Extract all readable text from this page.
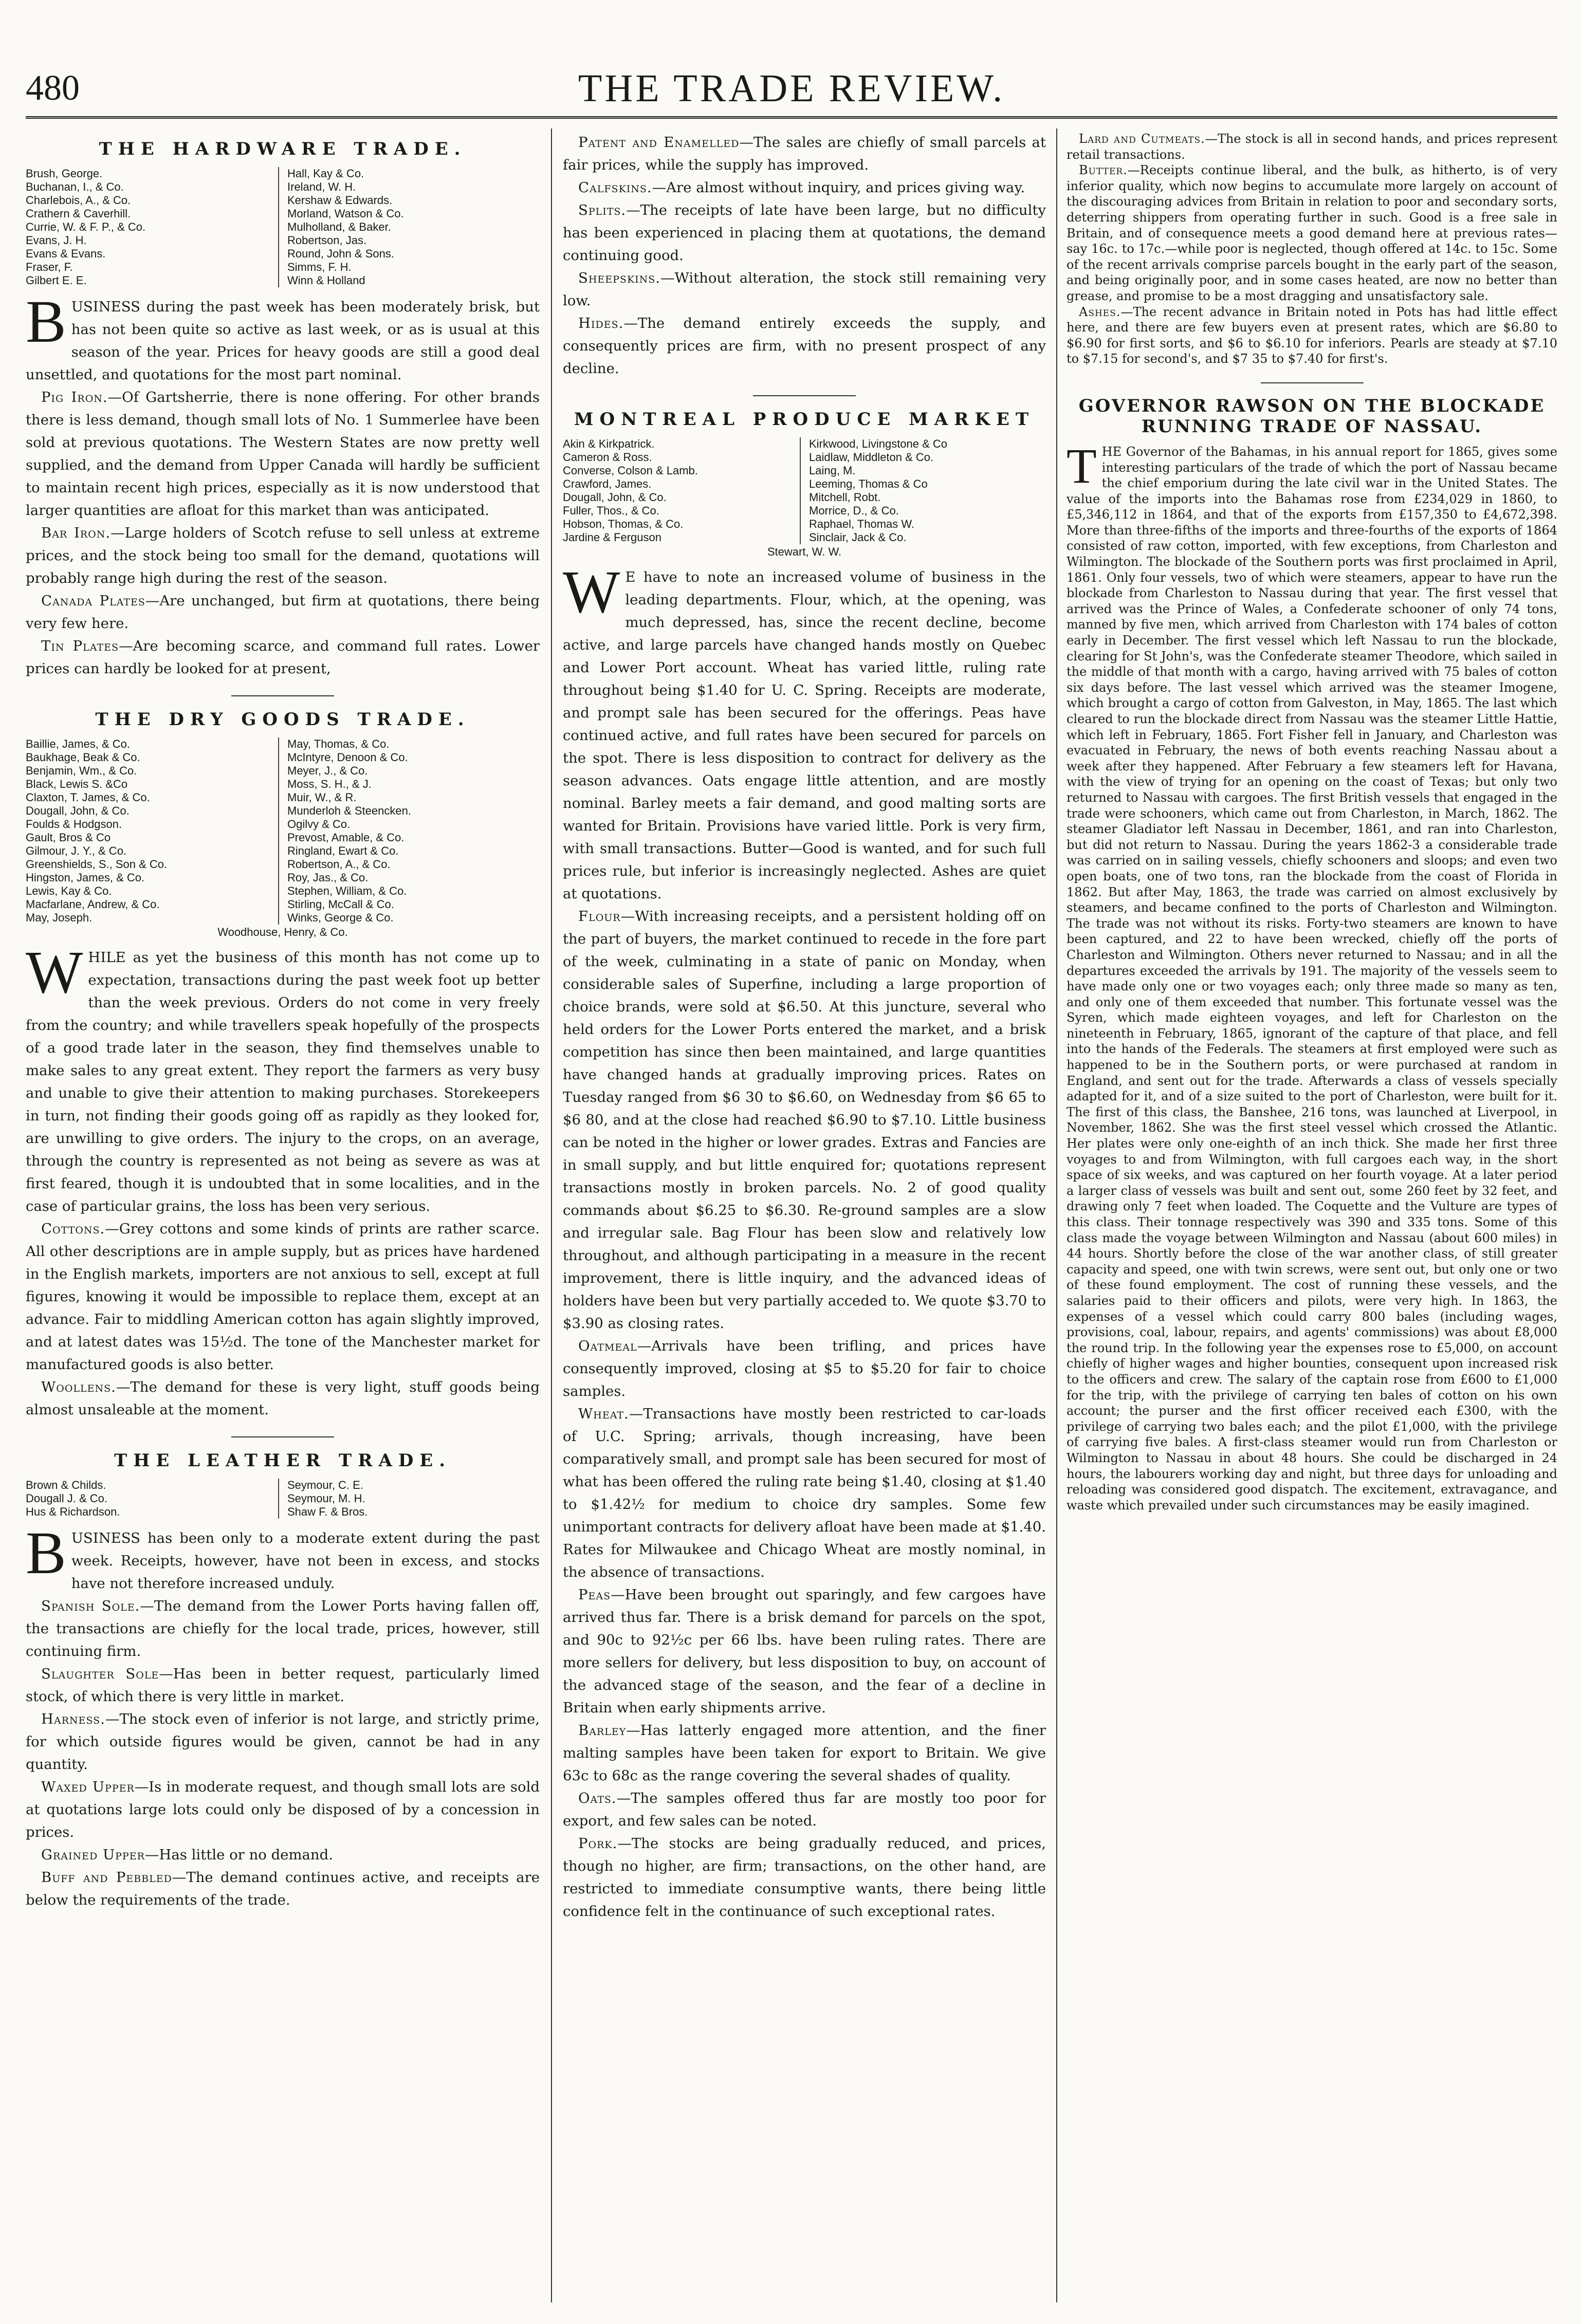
480	THE TRADE REVIEW.
THE HARDWARE TRADE.
Brush, George.
Buchanan, I., & Co.
Charlebois, A., & Co.
Crathern & Caverhill.
Currie, W. & F. P., & Co.
Evans, J. H.
Evans & Evans.
Fraser, F.
Gilbert E. E.
Hall, Kay & Co.
Ireland, W. H.
Kershaw & Edwards.
Morland, Watson & Co.
Mulholland, & Baker.
Robertson, Jas.
Round, John & Sons.
Simms, F. H.
Winn & Holland

BUSINESS during the past week has been moderately brisk, but has not been quite so active as last week, or as is usual at this season of the year. Prices for heavy goods are still a good deal unsettled, and quotations for the most part nominal.

Pig Iron.—Of Gartsherrie, there is none offering. For other brands there is less demand, though small lots of No. 1 Summerlee have been sold at previous quotations. The Western States are now pretty well supplied, and the demand from Upper Canada will hardly be sufficient to maintain recent high prices, especially as it is now understood that larger quantities are afloat for this market than was anticipated.

Bar Iron.—Large holders of Scotch refuse to sell unless at extreme prices, and the stock being too small for the demand, quotations will probably range high during the rest of the season.

Canada Plates—Are unchanged, but firm at quotations, there being very few here.

Tin Plates—Are becoming scarce, and command full rates. Lower prices can hardly be looked for at present,

THE DRY GOODS TRADE.
Baillie, James, & Co.
Baukhage, Beak & Co.
Benjamin, Wm., & Co.
Black, Lewis S. &Co
Claxton, T. James, & Co.
Dougall, John, & Co.
Foulds & Hodgson.
Gault, Bros & Co
Gilmour, J. Y., & Co.
Greenshields, S., Son & Co.
Hingston, James, & Co.
Lewis, Kay & Co.
Macfarlane, Andrew, & Co.
May, Joseph.
May, Thomas, & Co.
McIntyre, Denoon & Co.
Meyer, J., & Co.
Moss, S. H., & J.
Muir, W., & R.
Munderloh & Steencken.
Ogilvy & Co.
Prevost, Amable, & Co.
Ringland, Ewart & Co.
Robertson, A., & Co.
Roy, Jas., & Co.
Stephen, William, & Co.
Stirling, McCall & Co.
Winks, George & Co.
Woodhouse, Henry, & Co.

WHILE as yet the business of this month has not come up to expectation, transactions during the past week foot up better than the week previous. Orders do not come in very freely from the country; and while travellers speak hopefully of the prospects of a good trade later in the season, they find themselves unable to make sales to any great extent. They report the farmers as very busy and unable to give their attention to making purchases. Storekeepers in turn, not finding their goods going off as rapidly as they looked for, are unwilling to give orders. The injury to the crops, on an average, through the country is represented as not being as severe as was at first feared, though it is undoubted that in some localities, and in the case of particular grains, the loss has been very serious.

Cottons.—Grey cottons and some kinds of prints are rather scarce. All other descriptions are in ample supply, but as prices have hardened in the English markets, importers are not anxious to sell, except at full figures, knowing it would be impossible to replace them, except at an advance. Fair to middling American cotton has again slightly improved, and at latest dates was 15½d. The tone of the Manchester market for manufactured goods is also better.

Woollens.—The demand for these is very light, stuff goods being almost unsaleable at the moment.

THE LEATHER TRADE.
Brown & Childs.
Dougall J. & Co.
Hus & Richardson.
Seymour, C. E.
Seymour, M. H.
Shaw F. & Bros.

BUSINESS has been only to a moderate extent during the past week. Receipts, however, have not been in excess, and stocks have not therefore increased unduly.

Spanish Sole.—The demand from the Lower Ports having fallen off, the transactions are chiefly for the local trade, prices, however, still continuing firm.

Slaughter Sole—Has been in better request, particularly limed stock, of which there is very little in market.

Harness.—The stock even of inferior is not large, and strictly prime, for which outside figures would be given, cannot be had in any quantity.

Waxed Upper—Is in moderate request, and though small lots are sold at quotations large lots could only be disposed of by a concession in prices.

Grained Upper—Has little or no demand.

Buff and Pebbled—The demand continues active, and receipts are below the requirements of the trade.

Patent and Enamelled—The sales are chiefly of small parcels at fair prices, while the supply has improved.

Calfskins.—Are almost without inquiry, and prices giving way.

Splits.—The receipts of late have been large, but no difficulty has been experienced in placing them at quotations, the demand continuing good.

Sheepskins.—Without alteration, the stock still remaining very low.

Hides.—The demand entirely exceeds the supply, and consequently prices are firm, with no present prospect of any decline.

MONTREAL PRODUCE MARKET
Akin & Kirkpatrick.
Cameron & Ross.
Converse, Colson & Lamb.
Crawford, James.
Dougall, John, & Co.
Fuller, Thos., & Co.
Hobson, Thomas, & Co.
Jardine & Ferguson
Kirkwood, Livingstone & Co
Laidlaw, Middleton & Co.
Laing, M.
Leeming, Thomas & Co
Mitchell, Robt.
Morrice, D., & Co.
Raphael, Thomas W.
Sinclair, Jack & Co.
Stewart, W. W.

W E have to note an increased volume of business in the leading departments. Flour, which, at the opening, was much depressed, has, since the recent decline, become active, and large parcels have changed hands mostly on Quebec and Lower Port account. Wheat has varied little, ruling rate throughout being $1.40 for U. C. Spring. Receipts are moderate, and prompt sale has been secured for the offerings. Peas have continued active, and full rates have been secured for parcels on the spot. There is less disposition to contract for delivery as the season advances. Oats engage little attention, and are mostly nominal. Barley meets a fair demand, and good malting sorts are wanted for Britain. Provisions have varied little. Pork is very firm, with small transactions. Butter—Good is wanted, and for such full prices rule, but inferior is increasingly neglected. Ashes are quiet at quotations.

Flour—With increasing receipts, and a persistent holding off on the part of buyers, the market continued to recede in the fore part of the week, culminating in a state of panic on Monday, when considerable sales of Superfine, including a large proportion of choice brands, were sold at $6.50. At this juncture, several who held orders for the Lower Ports entered the market, and a brisk competition has since then been maintained, and large quantities have changed hands at gradually improving prices. Rates on Tuesday ranged from $6 30 to $6.60, on Wednesday from $6 65 to $6 80, and at the close had reached $6.90 to $7.10. Little business can be noted in the higher or lower grades. Extras and Fancies are in small supply, and but little enquired for; quotations represent transactions mostly in broken parcels. No. 2 of good quality commands about $6.25 to $6.30. Re-ground samples are a slow and irregular sale. Bag Flour has been slow and relatively low throughout, and although participating in a measure in the recent improvement, there is little inquiry, and the advanced ideas of holders have been but very partially acceded to. We quote $3.70 to $3.90 as closing rates.

Oatmeal—Arrivals have been trifling, and prices have consequently improved, closing at $5 to $5.20 for fair to choice samples.

Wheat.—Transactions have mostly been restricted to car-loads of U.C. Spring; arrivals, though increasing, have been comparatively small, and prompt sale has been secured for most of what has been offered the ruling rate being $1.40, closing at $1.40 to $1.42½ for medium to choice dry samples. Some few unimportant contracts for delivery afloat have been made at $1.40. Rates for Milwaukee and Chicago Wheat are mostly nominal, in the absence of transactions.

Peas—Have been brought out sparingly, and few cargoes have arrived thus far. There is a brisk demand for parcels on the spot, and 90c to 92½c per 66 lbs. have been ruling rates. There are more sellers for delivery, but less disposition to buy, on account of the advanced stage of the season, and the fear of a decline in Britain when early shipments arrive.

Barley—Has latterly engaged more attention, and the finer malting samples have been taken for export to Britain. We give 63c to 68c as the range covering the several shades of quality.

Oats.—The samples offered thus far are mostly too poor for export, and few sales can be noted.

Pork.—The stocks are being gradually reduced, and prices, though no higher, are firm; transactions, on the other hand, are restricted to immediate consumptive wants, there being little confidence felt in the continuance of such exceptional rates.

Lard and Cutmeats.—The stock is all in second hands, and prices represent retail transactions.

Butter.—Receipts continue liberal, and the bulk, as hitherto, is of very inferior quality, which now begins to accumulate more largely on account of the discouraging advices from Britain in relation to poor and secondary sorts, deterring shippers from operating further in such. Good is a free sale in Britain, and of consequence meets a good demand here at previous rates—say 16c. to 17c.—while poor is neglected, though offered at 14c. to 15c. Some of the recent arrivals comprise parcels bought in the early part of the season, and being originally poor, and in some cases heated, are now no better than grease, and promise to be a most dragging and unsatisfactory sale.

Ashes.—The recent advance in Britain noted in Pots has had little effect here, and there are few buyers even at present rates, which are $6.80 to $6.90 for first sorts, and $6 to $6.10 for inferiors. Pearls are steady at $7.10 to $7.15 for second's, and $7 35 to $7.40 for first's.

GOVERNOR RAWSON ON THE BLOCKADE RUNNING TRADE OF NASSAU.

THE Governor of the Bahamas, in his annual report for 1865, gives some interesting particulars of the trade of which the port of Nassau became the chief emporium during the late civil war in the United States. The value of the imports into the Bahamas rose from £234,029 in 1860, to £5,346,112 in 1864, and that of the exports from £157,350 to £4,672,398. More than three-fifths of the imports and three-fourths of the exports of 1864 consisted of raw cotton, imported, with few exceptions, from Charleston and Wilmington. The blockade of the Southern ports was first proclaimed in April, 1861. Only four vessels, two of which were steamers, appear to have run the blockade from Charleston to Nassau during that year. The first vessel that arrived was the Prince of Wales, a Confederate schooner of only 74 tons, manned by five men, which arrived from Charleston with 174 bales of cotton early in December. The first vessel which left Nassau to run the blockade, clearing for St John's, was the Confederate steamer Theodore, which sailed in the middle of that month with a cargo, having arrived with 75 bales of cotton six days before. The last vessel which arrived was the steamer Imogene, which brought a cargo of cotton from Galveston, in May, 1865. The last which cleared to run the blockade direct from Nassau was the steamer Little Hattie, which left in February, 1865. Fort Fisher fell in January, and Charleston was evacuated in February, the news of both events reaching Nassau about a week after they happened. After February a few steamers left for Havana, with the view of trying for an opening on the coast of Texas; but only two returned to Nassau with cargoes. The first British vessels that engaged in the trade were schooners, which came out from Charleston, in March, 1862. The steamer Gladiator left Nassau in December, 1861, and ran into Charleston, but did not return to Nassau. During the years 1862-3 a considerable trade was carried on in sailing vessels, chiefly schooners and sloops; and even two open boats, one of two tons, ran the blockade from the coast of Florida in 1862. But after May, 1863, the trade was carried on almost exclusively by steamers, and became confined to the ports of Charleston and Wilmington. The trade was not without its risks. Forty-two steamers are known to have been captured, and 22 to have been wrecked, chiefly off the ports of Charleston and Wilmington. Others never returned to Nassau; and in all the departures exceeded the arrivals by 191. The majority of the vessels seem to have made only one or two voyages each; only three made so many as ten, and only one of them exceeded that number. This fortunate vessel was the Syren, which made eighteen voyages, and left for Charleston on the nineteenth in February, 1865, ignorant of the capture of that place, and fell into the hands of the Federals. The steamers at first employed were such as happened to be in the Southern ports, or were purchased at random in England, and sent out for the trade. Afterwards a class of vessels specially adapted for it, and of a size suited to the port of Charleston, were built for it. The first of this class, the Banshee, 216 tons, was launched at Liverpool, in November, 1862. She was the first steel vessel which crossed the Atlantic. Her plates were only one-eighth of an inch thick. She made her first three voyages to and from Wilmington, with full cargoes each way, in the short space of six weeks, and was captured on her fourth voyage. At a later period a larger class of vessels was built and sent out, some 260 feet by 32 feet, and drawing only 7 feet when loaded. The Coquette and the Vulture are types of this class. Their tonnage respectively was 390 and 335 tons. Some of this class made the voyage between Wilmington and Nassau (about 600 miles) in 44 hours. Shortly before the close of the war another class, of still greater capacity and speed, one with twin screws, were sent out, but only one or two of these found employment. The cost of running these vessels, and the salaries paid to their officers and pilots, were very high. In 1863, the expenses of a vessel which could carry 800 bales (including wages, provisions, coal, labour, repairs, and agents' commissions) was about £8,000 the round trip. In the following year the expenses rose to £5,000, on account chiefly of higher wages and higher bounties, consequent upon increased risk to the officers and crew. The salary of the captain rose from £600 to £1,000 for the trip, with the privilege of carrying ten bales of cotton on his own account; the purser and the first officer received each £300, with the privilege of carrying two bales each; and the pilot £1,000, with the privilege of carrying five bales. A first-class steamer would run from Charleston or Wilmington to Nassau in about 48 hours. She could be discharged in 24 hours, the labourers working day and night, but three days for unloading and reloading was considered good dispatch. The excitement, extravagance, and waste which prevailed under such circumstances may be easily imagined.
